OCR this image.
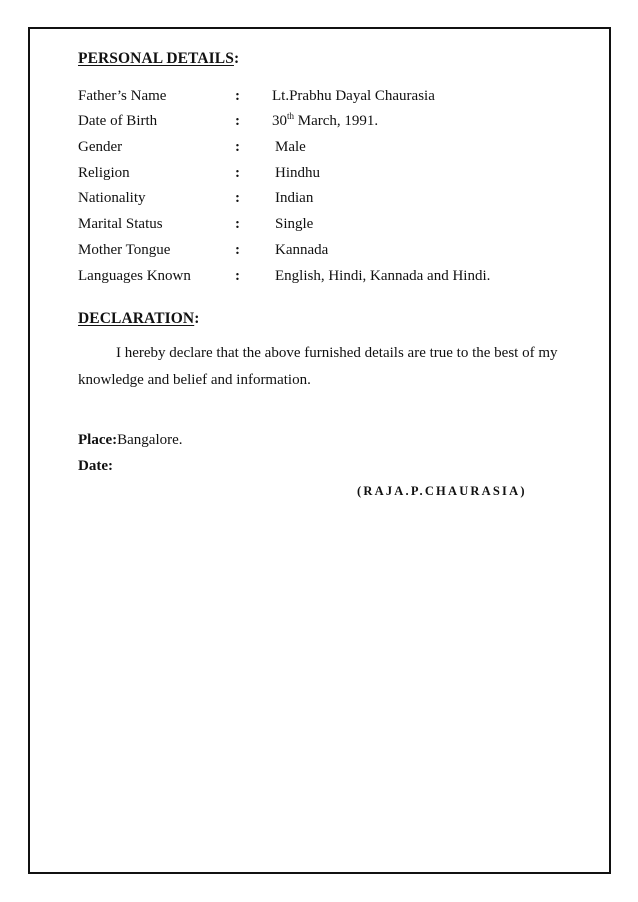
PERSONAL DETAILS:
Father’s Name	: Lt.Prabhu Dayal Chaurasia
Date of Birth	: 30th March, 1991.
Gender	: Male
Religion	: Hindhu
Nationality	: Indian
Marital Status	: Single
Mother Tongue	: Kannada
Languages Known	: English, Hindi, Kannada and Hindi.
DECLARATION:
I hereby declare that the above furnished details are true to the best of my
knowledge and belief and information.
Place:Bangalore.
Date:
(RAJA.P.CHAURASIA)
